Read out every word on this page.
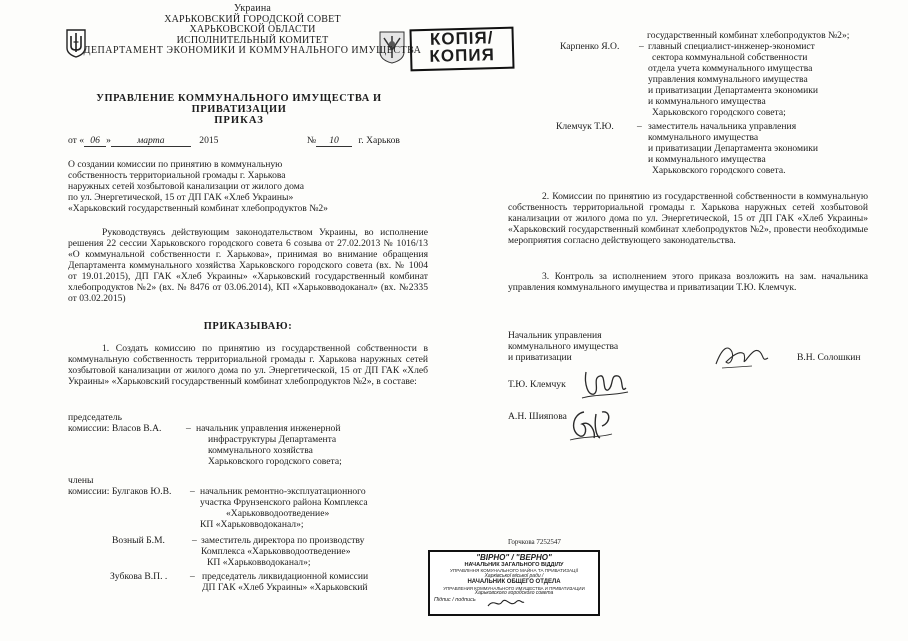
КОПIЯ/
КОПИЯ
Украина
ХАРЬКОВСКИЙ ГОРОДСКОЙ СОВЕТ
ХАРЬКОВСКОЙ ОБЛАСТИ
ИСПОЛНИТЕЛЬНЫЙ КОМИТЕТ
ДЕПАРТАМЕНТ ЭКОНОМИКИ И КОММУНАЛЬНОГО ИМУЩЕСТВА
УПРАВЛЕНИЕ КОММУНАЛЬНОГО ИМУЩЕСТВА И ПРИВАТИЗАЦИИ
ПРИКАЗ
от « 06 »	марта	2015	№ 10 г. Харьков
О создании комиссии по принятию в коммунальную
собственность территориальной громады г. Харькова
наружных сетей хозбытовой канализации от жилого дома
по ул. Энергетической, 15 от ДП ГАК «Хлеб Украины»
«Харьковский государственный комбинат хлебопродуктов №2»
Руководствуясь действующим законодательством Украины, во исполнение решения 22 сессии Харьковского городского совета 6 созыва от 27.02.2013 № 1016/13 «О коммунальной собственности г. Харькова», принимая во внимание обращения Департамента коммунального хозяйства Харьковского городского совета (вх. № 1004 от 19.01.2015), ДП ГАК «Хлеб Украины» «Харьковский государственный комбинат хлебопродуктов №2» (вх. № 8476 от 03.06.2014), КП «Харьковводоканал» (вх. №2335 от 03.02.2015)
ПРИКАЗЫВАЮ:
1. Создать комиссию по принятию из государственной собственности в коммунальную собственность территориальной громады г. Харькова наружных сетей хозбытовой канализации от жилого дома по ул. Энергетической, 15 от ДП ГАК «Хлеб Украины» «Харьковский государственный комбинат хлебопродуктов №2», в составе:
председатель
комиссии: Власов В.А.	– начальник управления инженерной
инфраструктуры Департамента
коммунального хозяйства
Харьковского городского совета;
члены
комиссии: Булгаков Ю.В. – начальник ремонтно-эксплуатационного
участка Фрунзенского района Комплекса
«Харьковводоотведение»
КП «Харьковводоканал»;
Возный Б.М.	– заместитель директора по производству
Комплекса «Харьковводоотведение»
КП «Харьковводоканал»;
Зубкова В.П. . – председатель ликвидационной комиссии
ДП ГАК «Хлеб Украины» «Харьковский
государственный комбинат хлебопродуктов №2»;
Карпенко Я.О. – главный специалист-инженер-экономист
сектора коммунальной собственности
отдела учета коммунального имущества
управления коммунального имущества
и приватизации Департамента экономики
и коммунального имущества
Харьковского городского совета;
Клемчук Т.Ю. – заместитель начальника управления
коммунального имущества
и приватизации Департамента экономики
и коммунального имущества
Харьковского городского совета.
2. Комиссии по принятию из государственной собственности в коммунальную собственность территориальной громады г. Харькова наружных сетей хозбытовой канализации от жилого дома по ул. Энергетической, 15 от ДП ГАК «Хлеб Украины» «Харьковский государственный комбинат хлебопродуктов №2», провести необходимые мероприятия согласно действующего законодательства.
3. Контроль за исполнением этого приказа возложить на зам. начальника управления коммунального имущества и приватизации Т.Ю. Клемчук.
Начальник управления
коммунального имущества
и приватизации	В.Н. Солошкин
Т.Ю. Клемчук
А.Н. Шияпова
Горчкова 7252547
"ВІРНО" / "ВЕРНО"
НАЧАЛЬНИК ЗАГАЛЬНОГО ВІДДІЛУ
УПРАВЛІННЯ КОМУНАЛЬНОГО МАЙНА ТА ПРИВАТИЗАЦІЇ
Харківської міської ради /
НАЧАЛЬНИК ОБЩЕГО ОТДЕЛА
УПРАВЛЕНИЯ КОММУНАЛЬНОГО ИМУЩЕСТВА И ПРИВАТИЗАЦИИ
Харьковского городского совета
Підпис / подпись
